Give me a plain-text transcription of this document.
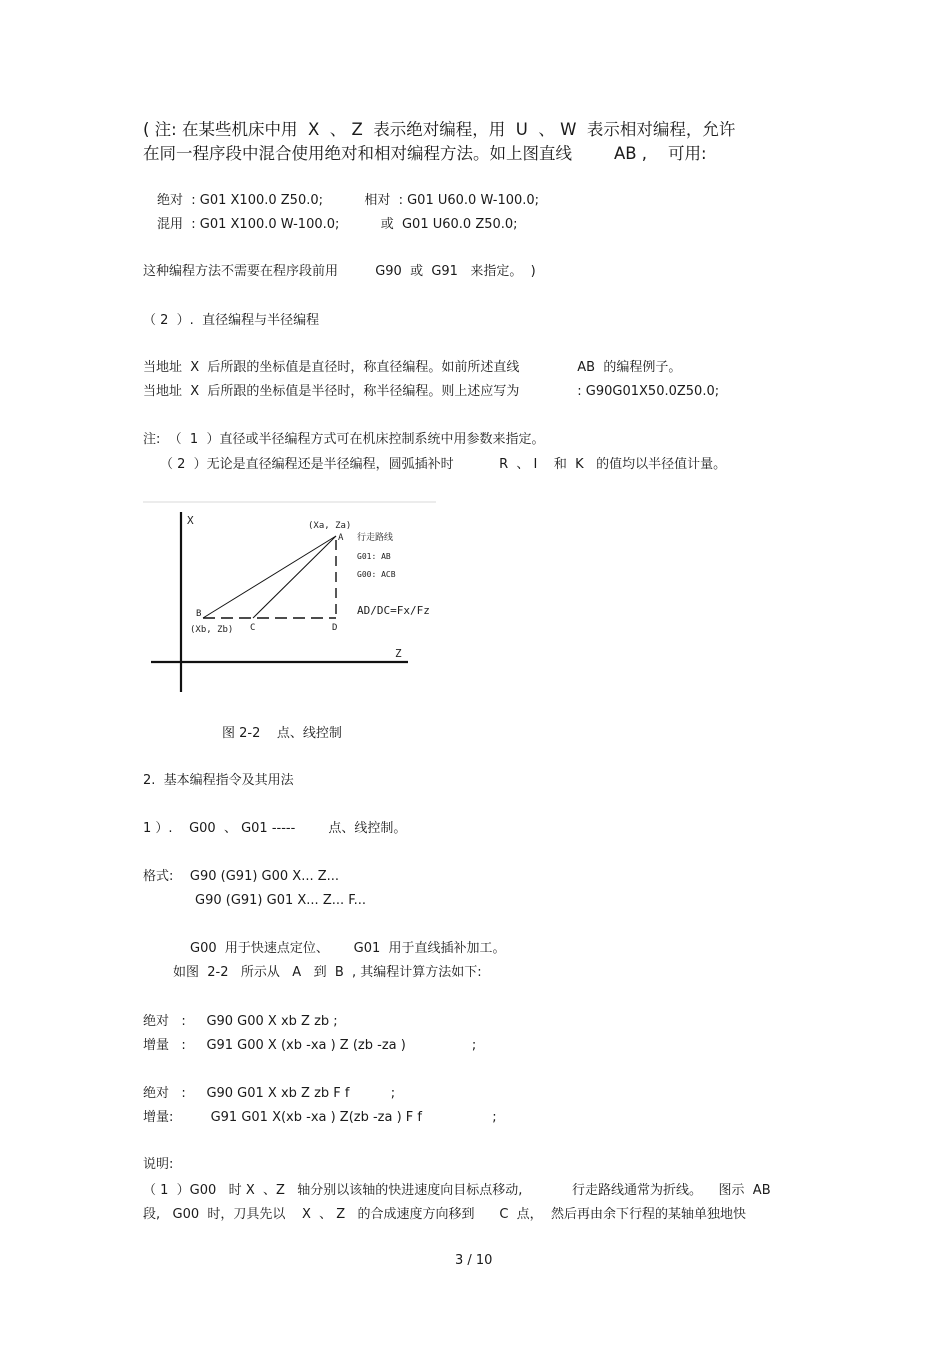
( 注: 在某些机床中用  X  、 Z  表示绝对编程，用  U  、 W  表示相对编程，允许
在同一程序段中混合使用绝对和相对编程方法。如上图直线        AB ,    可用:
绝对  : G01 X100.0 Z50.0;          相对  : G01 U60.0 W-100.0;
混用  : G01 X100.0 W-100.0;          或  G01 U60.0 Z50.0;
这种编程方法不需要在程序段前用         G90  或  G91   来指定。  )
（ 2  ）.  直径编程与半径编程
当地址  X  后所跟的坐标值是直径时，称直径编程。如前所述直线              AB  的编程例子。
当地址  X  后所跟的坐标值是半径时，称半径编程。则上述应写为              : G90G01X50.0Z50.0;
注:  （  1  ）直径或半径编程方式可在机床控制系统中用参数来指定。
（ 2  ）无论是直径编程还是半径编程，圆弧插补时           R  、 I    和  K   的值均以半径值计量。
X
Z
(Xa, Za)
A
B
(Xb, Zb) C	D
行走路线
G01: AB
G00: ACB
AD/DC=Fx/Fz
图 2-2    点、线控制
2.  基本编程指令及其用法
1 ）.    G00  、 G01 -----        点、线控制。
格式:    G90 (G91) G00 X... Z...
G90 (G91) G01 X... Z... F...
G00  用于快速点定位、      G01  用于直线插补加工。
如图  2-2   所示从   A   到  B  , 其编程计算方法如下:
绝对   :     G90 G00 X xb Z zb ;
增量   :     G91 G00 X (xb -xa ) Z (zb -za )                ;
绝对   :     G90 G01 X xb Z zb F f          ;
增量:         G91 G01 X(xb -xa ) Z(zb -za ) F f                 ;
说明:
（ 1  ）G00   时 X  、Z   轴分别以该轴的快进速度向目标点移动,            行走路线通常为折线。    图示  AB
段,   G00  时，刀具先以    X  、 Z   的合成速度方向移到      C  点，  然后再由余下行程的某轴单独地快
3 / 10
